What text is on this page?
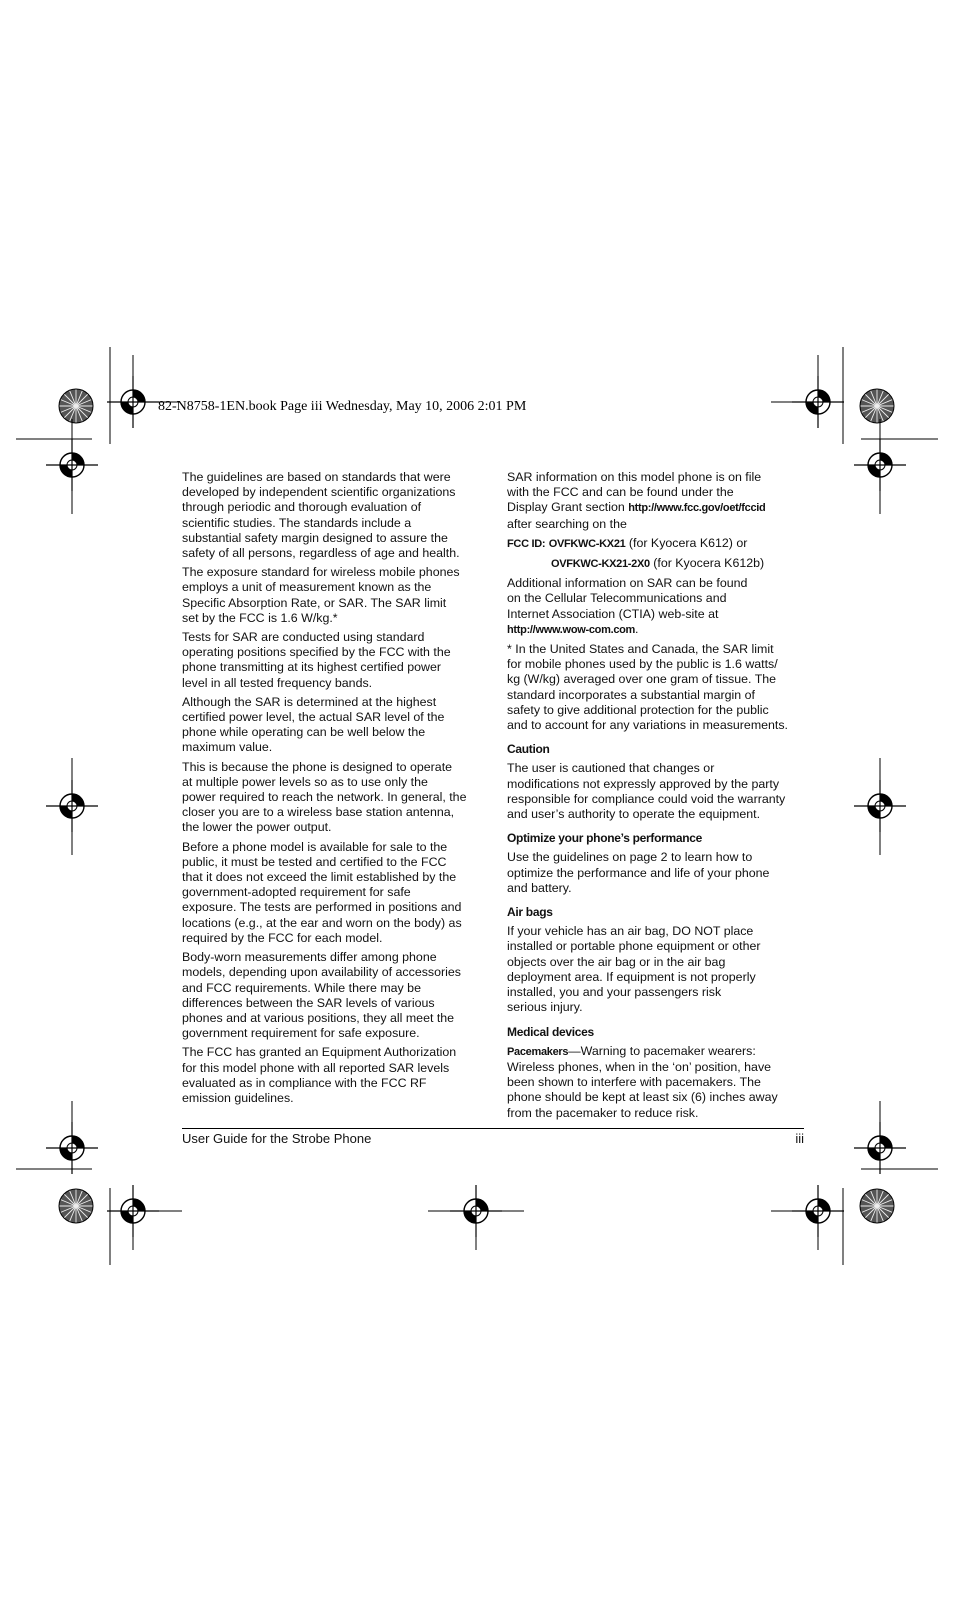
82-N8758-1EN.book Page iii Wednesday, May 10, 2006 2:01 PM

The guidelines are based on standards that were
developed by independent scientific organizations
through periodic and thorough evaluation of
scientific studies. The standards include a
substantial safety margin designed to assure the
safety of all persons, regardless of age and health.

The exposure standard for wireless mobile phones
employs a unit of measurement known as the
Specific Absorption Rate, or SAR. The SAR limit
set by the FCC is 1.6 W/kg.*

Tests for SAR are conducted using standard
operating positions specified by the FCC with the
phone transmitting at its highest certified power
level in all tested frequency bands.

Although the SAR is determined at the highest
certified power level, the actual SAR level of the
phone while operating can be well below the
maximum value.

This is because the phone is designed to operate
at multiple power levels so as to use only the
power required to reach the network. In general, the
closer you are to a wireless base station antenna,
the lower the power output.

Before a phone model is available for sale to the
public, it must be tested and certified to the FCC
that it does not exceed the limit established by the
government-adopted requirement for safe
exposure. The tests are performed in positions and
locations (e.g., at the ear and worn on the body) as
required by the FCC for each model.

Body-worn measurements differ among phone
models, depending upon availability of accessories
and FCC requirements. While there may be
differences between the SAR levels of various
phones and at various positions, they all meet the
government requirement for safe exposure.

The FCC has granted an Equipment Authorization
for this model phone with all reported SAR levels
evaluated as in compliance with the FCC RF
emission guidelines.

SAR information on this model phone is on file
with the FCC and can be found under the
Display Grant section http://www.fcc.gov/oet/fccid
after searching on the

FCC ID: OVFKWC-KX21 (for Kyocera K612) or

OVFKWC-KX21-2X0 (for Kyocera K612b)

Additional information on SAR can be found
on the Cellular Telecommunications and
Internet Association (CTIA) web-site at
http://www.wow-com.com.

* In the United States and Canada, the SAR limit
for mobile phones used by the public is 1.6 watts/
kg (W/kg) averaged over one gram of tissue. The
standard incorporates a substantial margin of
safety to give additional protection for the public
and to account for any variations in measurements.

Caution

The user is cautioned that changes or
modifications not expressly approved by the party
responsible for compliance could void the warranty
and user’s authority to operate the equipment.

Optimize your phone’s performance

Use the guidelines on page 2 to learn how to
optimize the performance and life of your phone
and battery.

Air bags

If your vehicle has an air bag, DO NOT place
installed or portable phone equipment or other
objects over the air bag or in the air bag
deployment area. If equipment is not properly
installed, you and your passengers risk
serious injury.

Medical devices

Pacemakers—Warning to pacemaker wearers:
Wireless phones, when in the ‘on’ position, have
been shown to interfere with pacemakers. The
phone should be kept at least six (6) inches away
from the pacemaker to reduce risk.

User Guide for the Strobe Phone	iii
